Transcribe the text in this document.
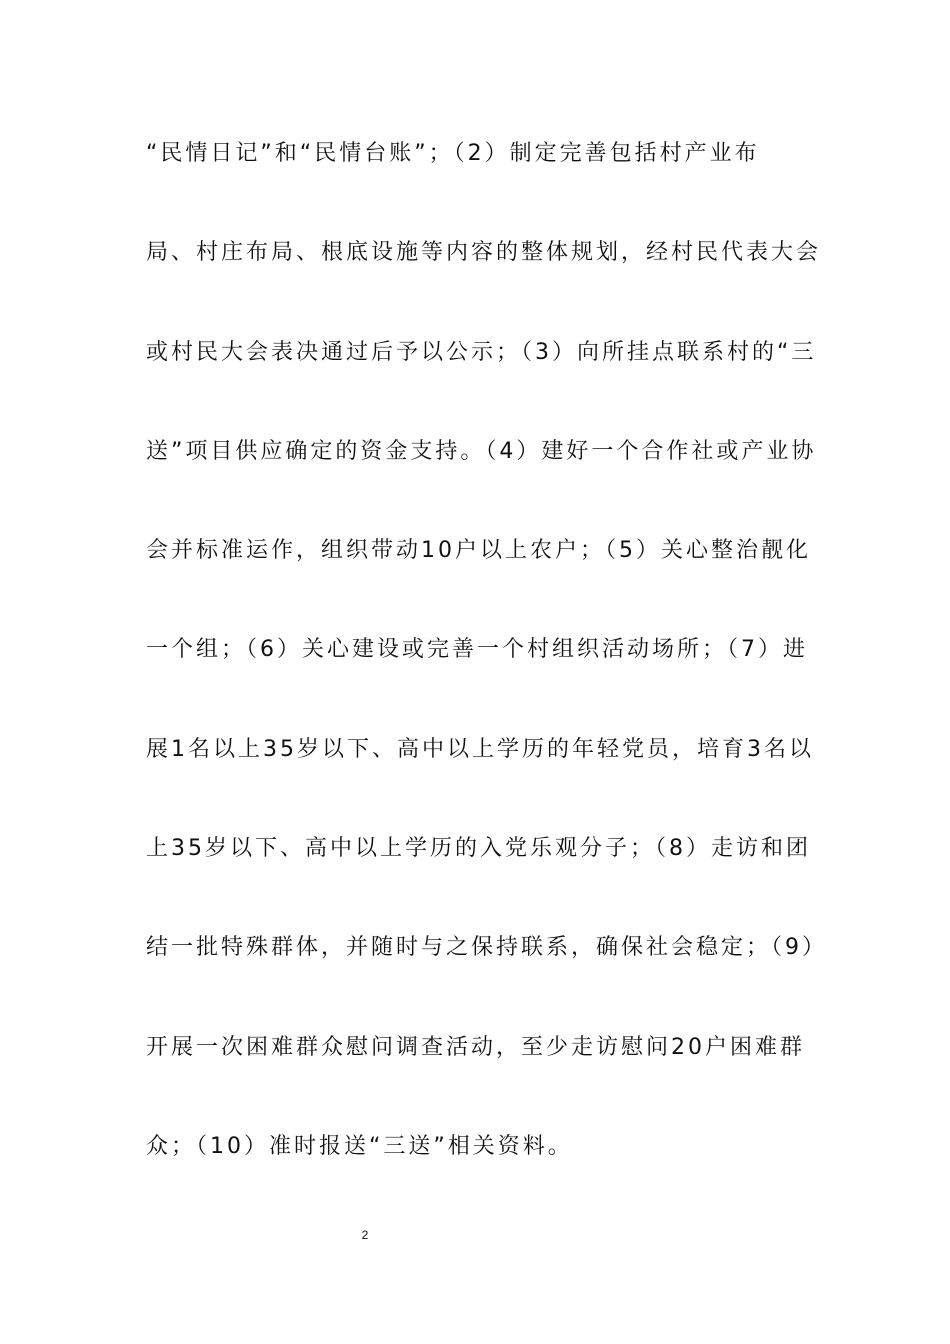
“民情日记”和“民情台账”；（2）制定完善包括村产业布
局、村庄布局、根底设施等内容的整体规划，经村民代表大会
或村民大会表决通过后予以公示；（3）向所挂点联系村的“三
送”项目供应确定的资金支持。（4）建好一个合作社或产业协
会并标准运作，组织带动10户以上农户；（5）关心整治靓化
一个组；（6）关心建设或完善一个村组织活动场所；（7）进
展1名以上35岁以下、高中以上学历的年轻党员，培育3名以
上35岁以下、高中以上学历的入党乐观分子；（8）走访和团
结一批特殊群体，并随时与之保持联系，确保社会稳定；（9）
开展一次困难群众慰问调查活动，至少走访慰问20户困难群
众；（10）准时报送“三送”相关资料。
2
